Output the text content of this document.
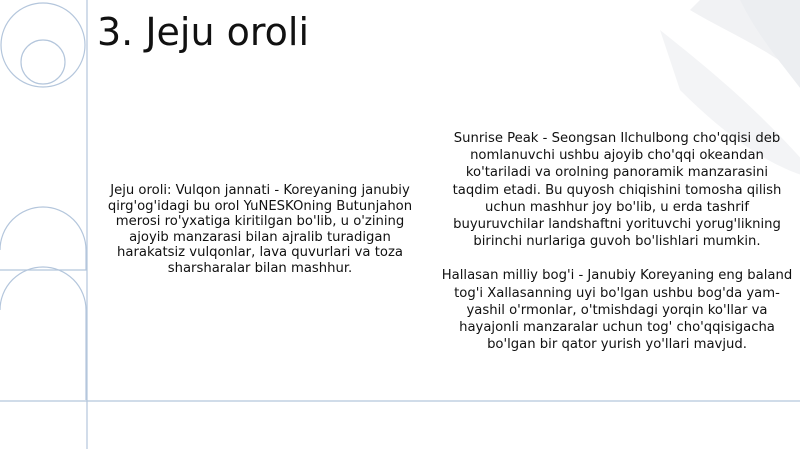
3. Jeju oroli
Jeju oroli: Vulqon jannati - Koreyaning janubiy qirg'og'idagi bu orol YuNESKOning Butunjahon merosi ro'yxatiga kiritilgan bo'lib, u o'zining ajoyib manzarasi bilan ajralib turadigan harakatsiz vulqonlar, lava quvurlari va toza sharsharalar bilan mashhur.

Sunrise Peak - Seongsan Ilchulbong cho'qqisi deb nomlanuvchi ushbu ajoyib cho'qqi okeandan ko'tariladi va orolning panoramik manzarasini taqdim etadi. Bu quyosh chiqishini tomosha qilish uchun mashhur joy bo'lib, u erda tashrif buyuruvchilar landshaftni yorituvchi yorug'likning birinchi nurlariga guvoh bo'lishlari mumkin.

Hallasan milliy bog'i - Janubiy Koreyaning eng baland tog'i Xallasanning uyi bo'lgan ushbu bog'da yam-yashil o'rmonlar, o'tmishdagi yorqin ko'llar va hayajonli manzaralar uchun tog' cho'qqisigacha bo'lgan bir qator yurish yo'llari mavjud.
